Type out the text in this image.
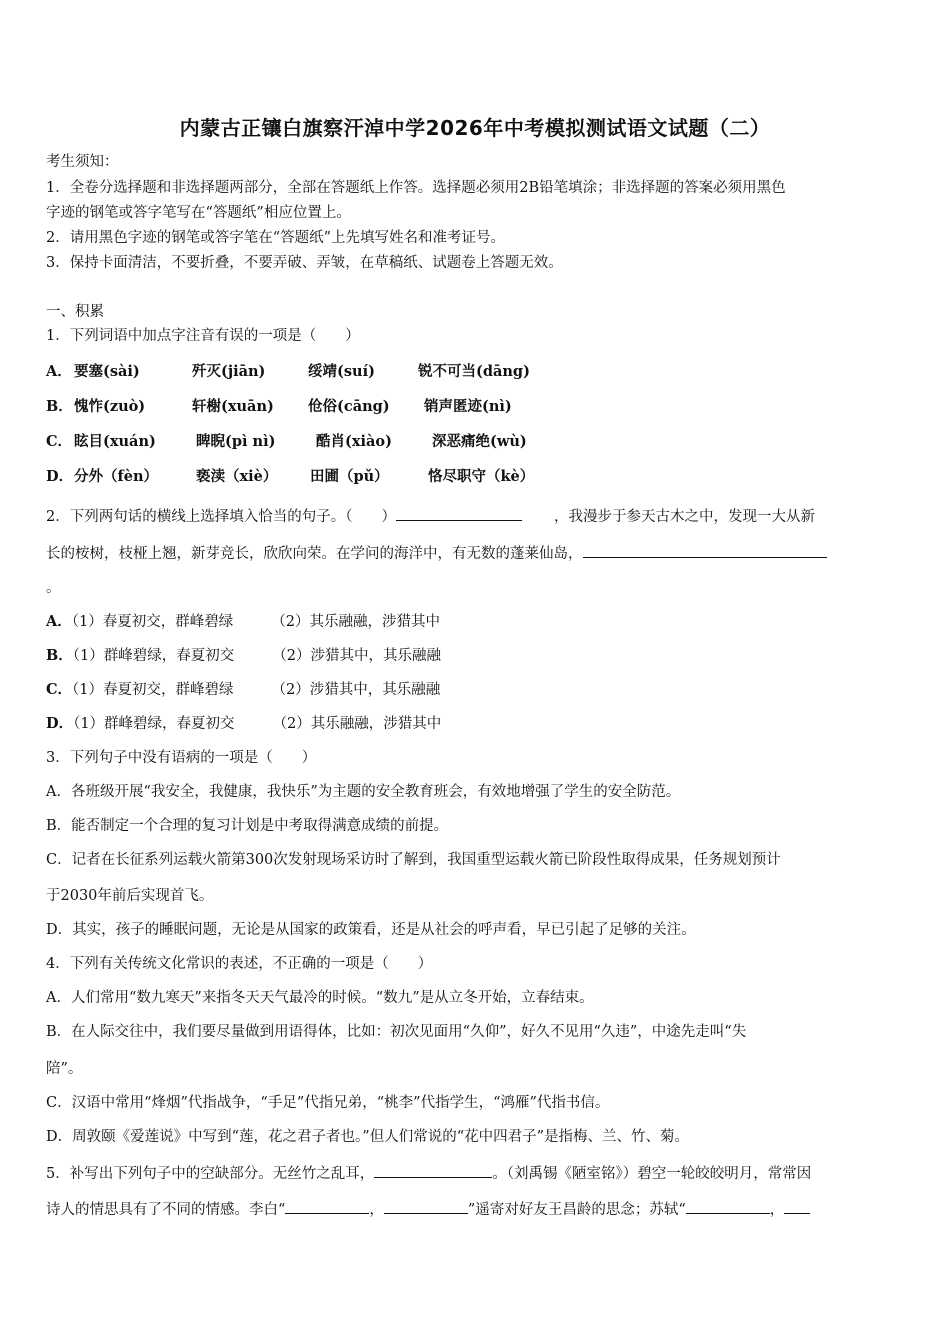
内蒙古正镶白旗察汗淖中学2026年中考模拟测试语文试题（二）
考生须知：
1．全卷分选择题和非选择题两部分，全部在答题纸上作答。选择题必须用2B铅笔填涂；非选择题的答案必须用黑色
字迹的钢笔或答字笔写在“答题纸”相应位置上。
2．请用黑色字迹的钢笔或答字笔在“答题纸”上先填写姓名和准考证号。
3．保持卡面清洁，不要折叠，不要弄破、弄皱，在草稿纸、试题卷上答题无效。
一、积累
1．下列词语中加点字注音有误的一项是（　　）
A． 要塞(sài)	歼灭(jiān)	绥靖(suí)	锐不可当(dāng)
B． 愧怍(zuò)	轩榭(xuān) 伧俗(cāng) 销声匿迹(nì)
C． 眩目(xuán)	睥睨(pì nì)	酷肖(xiào)	深恶痛绝(wù)
D． 分外（fèn）	亵渎（xiè） 田圃（pǔ）	恪尽职守（kè）
2．下列两句话的横线上选择填入恰当的句子。（　　）	，我漫步于参天古木之中，发现一大从新
长的桉树，枝桠上翘，新芽竞长，欣欣向荣。在学问的海洋中，有无数的蓬莱仙岛，
。
A．（1）春夏初交，群峰碧绿	（2）其乐融融，涉猎其中
B．（1）群峰碧绿，春夏初交	（2）涉猎其中，其乐融融
C．（1）春夏初交，群峰碧绿	（2）涉猎其中，其乐融融
D．（1）群峰碧绿，春夏初交	（2）其乐融融，涉猎其中
3．下列句子中没有语病的一项是（　　）
A．各班级开展“我安全，我健康，我快乐”为主题的安全教育班会，有效地增强了学生的安全防范。
B．能否制定一个合理的复习计划是中考取得满意成绩的前提。
C．记者在长征系列运载火箭第300次发射现场采访时了解到，我国重型运载火箭已阶段性取得成果，任务规划预计
于2030年前后实现首飞。
D．其实，孩子的睡眠问题，无论是从国家的政策看，还是从社会的呼声看，早已引起了足够的关注。
4．下列有关传统文化常识的表述，不正确的一项是（　　）
A．人们常用“数九寒天”来指冬天天气最冷的时候。“数九”是从立冬开始，立春结束。
B．在人际交往中，我们要尽量做到用语得体，比如：初次见面用“久仰”，好久不见用“久违”，中途先走叫“失
陪”。
C．汉语中常用“烽烟”代指战争，“手足”代指兄弟，“桃李”代指学生，“鸿雁”代指书信。
D．周敦颐《爱莲说》中写到“莲，花之君子者也。”但人们常说的“花中四君子”是指梅、兰、竹、菊。
5．补写出下列句子中的空缺部分。无丝竹之乱耳，	。（刘禹锡《陋室铭》）碧空一轮皎皎明月，常常因
诗人的情思具有了不同的情感。李白“	，	”遥寄对好友王昌龄的思念；苏轼“	，
